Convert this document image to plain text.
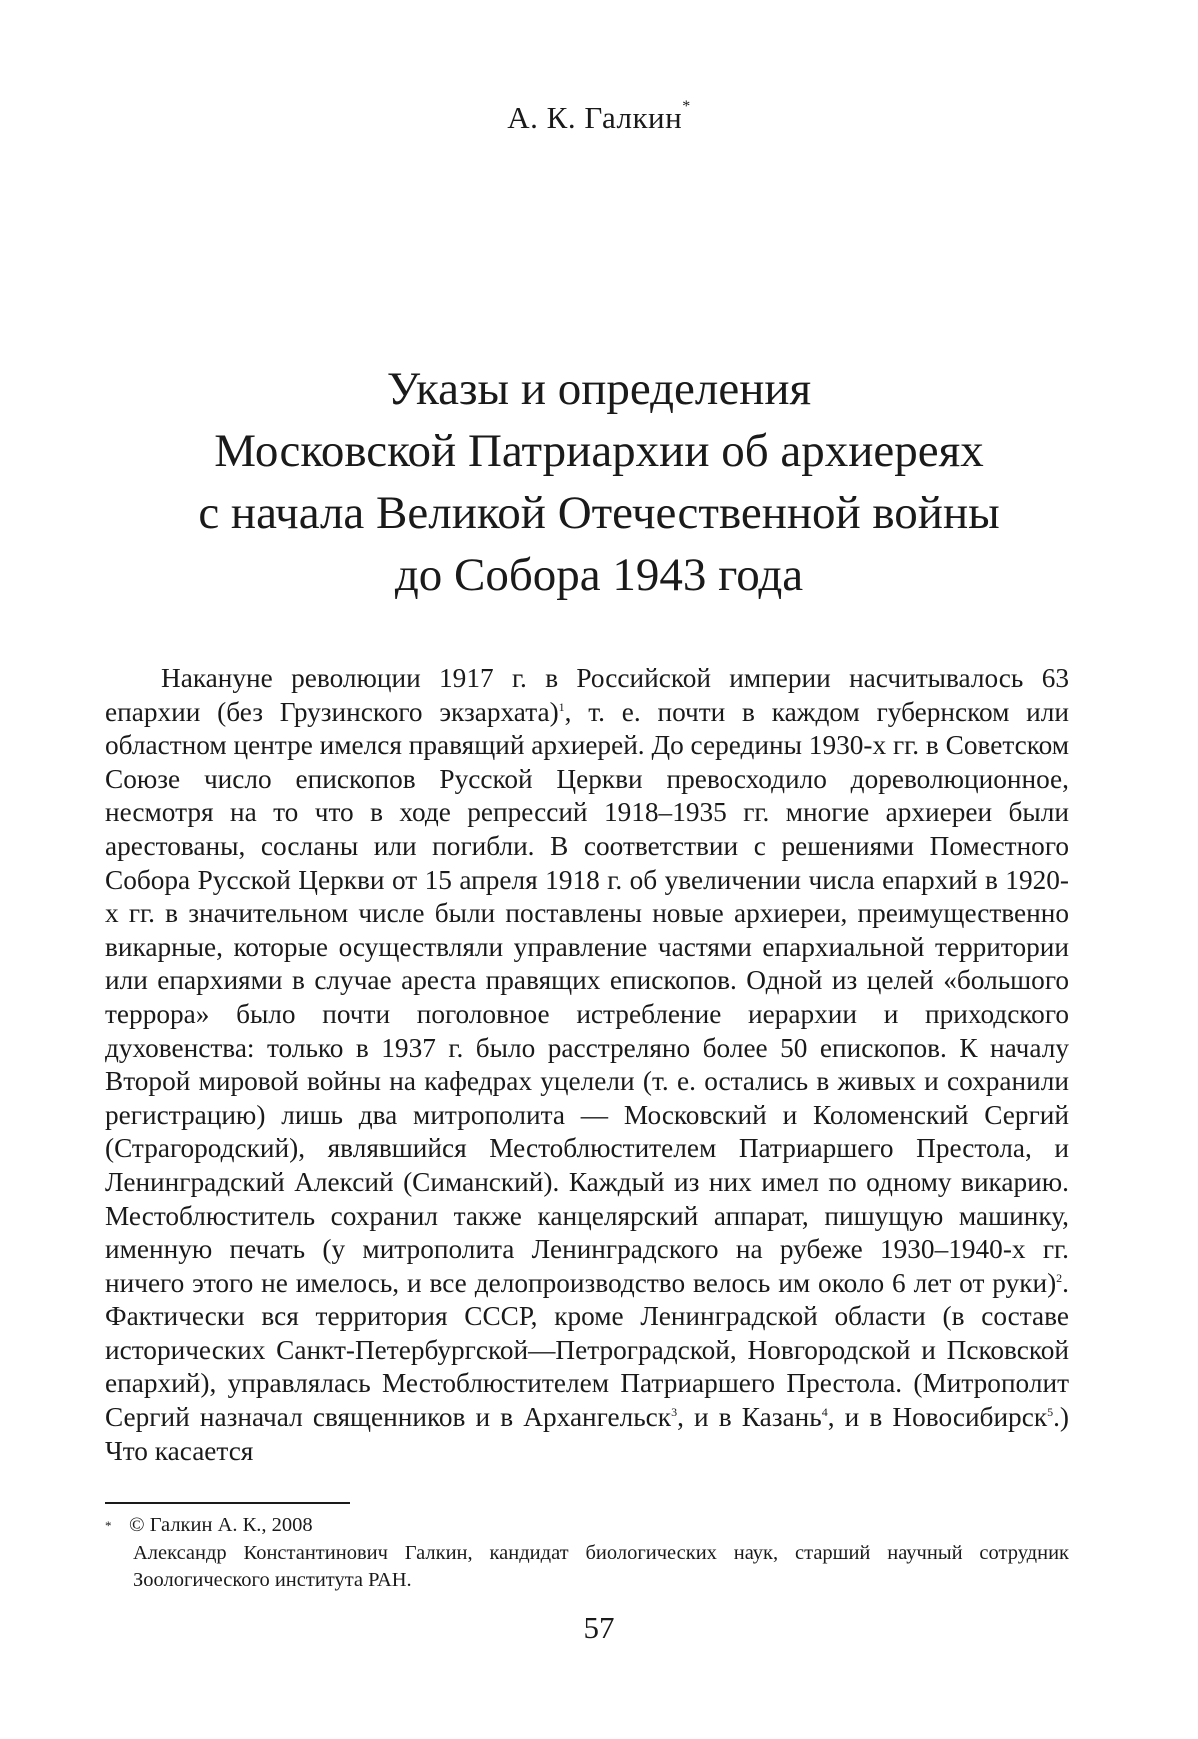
А. К. Галкин*
Указы и определения
Московской Патриархии об архиереях
с начала Великой Отечественной войны
до Собора 1943 года

Накануне революции 1917 г. в Российской империи насчитывалось 63 епархии (без Грузинского экзархата)$^1$, т. е. почти в каждом губернском или областном центре имелся правящий архиерей. До середины 1930-х гг. в Советском Союзе число епископов Русской Церкви превосходило дореволюционное, несмотря на то что в ходе репрессий 1918–1935 гг. многие архиереи были арестованы, сосланы или погибли. В соответствии с решениями Поместного Собора Русской Церкви от 15 апреля 1918 г. об увеличении числа епархий в 1920-х гг. в значительном числе были поставлены новые архиереи, преимущественно викарные, которые осуществляли управление частями епархиальной территории или епархиями в случае ареста правящих епископов. Одной из целей «большого террора» было почти поголовное истребление иерархии и приходского духовенства: только в 1937 г. было расстреляно более 50 епископов. К началу Второй мировой войны на кафедрах уцелели (т. е. остались в живых и сохранили регистрацию) лишь два митрополита — Московский и Коломенский Сергий (Страгородский), являвшийся Местоблюстителем Патриаршего Престола, и Ленинградский Алексий (Симанский). Каждый из них имел по одному викарию. Местоблюститель сохранил также канцелярский аппарат, пишущую машинку, именную печать (у митрополита Ленинградского на рубеже 1930–1940-х гг. ничего этого не имелось, и все делопроизводство велось им около 6 лет от руки)$^2$. Фактически вся территория СССР, кроме Ленинградской области (в составе исторических Санкт-Петербургской—Петроградской, Новгородской и Псковской епархий), управлялась Местоблюстителем Патриаршего Престола. (Митрополит Сергий назначал священников и в Архангельск$^3$, и в Казань$^4$, и в Новосибирск$^5$.) Что касается

* © Галкин А. К., 2008
Александр Константинович Галкин, кандидат биологических наук, старший научный сотрудник Зоологического института РАН.
57
